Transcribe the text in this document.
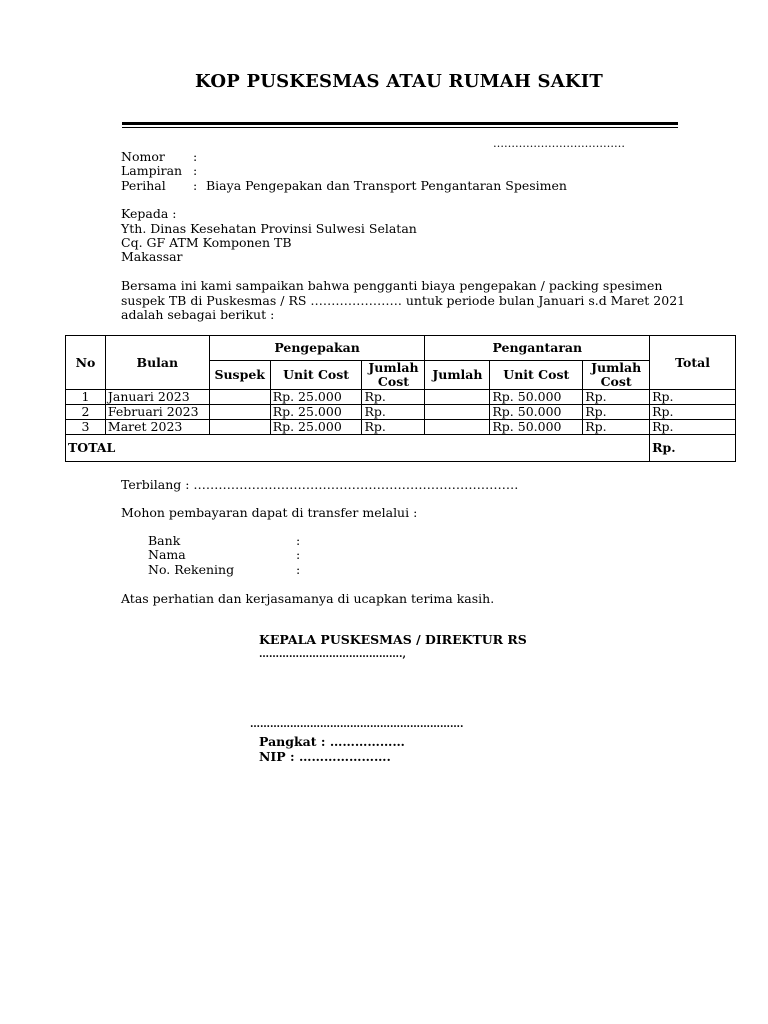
KOP PUSKESMAS ATAU RUMAH SAKIT
………………………………
Nomor :
Lampiran :
Perihal : Biaya Pengepakan dan Transport Pengantaran Spesimen
Kepada :
Yth. Dinas Kesehatan Provinsi Sulwesi Selatan
Cq. GF ATM Komponen TB
Makassar
Bersama ini kami sampaikan bahwa pengganti biaya pengepakan / packing spesimen
suspek TB di Puskesmas / RS …………………. untuk periode bulan Januari s.d Maret 2021
adalah sebagai berikut :
No	Bulan	Pengepakan			Pengantaran			Total
		Suspek	Unit Cost	Jumlah Cost	Jumlah	Unit Cost	Jumlah Cost	
1	Januari 2023		Rp. 25.000	Rp.		Rp. 50.000	Rp.	Rp.
2	Februari 2023		Rp. 25.000	Rp.		Rp. 50.000	Rp.	Rp.
3	Maret 2023		Rp. 25.000	Rp.		Rp. 50.000	Rp.	Rp.
TOTAL								Rp.
Terbilang : ……………………………………………………………………
Mohon pembayaran dapat di transfer melalui :
Bank	:
Nama	:
No. Rekening	:
Atas perhatian dan kerjasamanya di ucapkan terima kasih.
KEPALA PUSKESMAS / DIREKTUR RS
…………………………………….,
……………………………………………………….
Pangkat : ………………
NIP : ………………….
